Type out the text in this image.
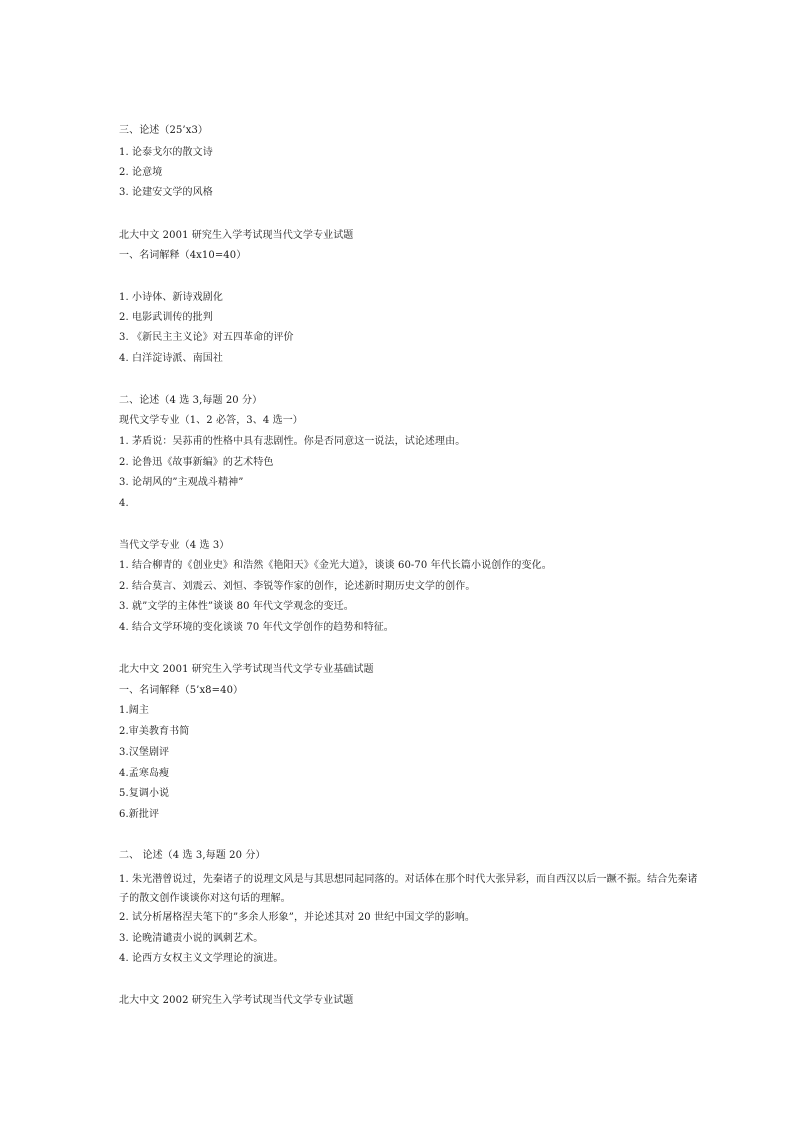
三、论述（25’x3）
1. 论泰戈尔的散文诗
2. 论意境
3. 论建安文学的风格
北大中文 2001 研究生入学考试现当代文学专业试题
一、名词解释（4x10=40）
1. 小诗体、新诗戏剧化
2. 电影武训传的批判
3. 《新民主主义论》对五四革命的评价
4. 白洋淀诗派、南国社
二、论述（4 选 3,每题 20 分）
现代文学专业（1、2 必答，3、4 选一）
1. 茅盾说：吴荪甫的性格中具有悲剧性。你是否同意这一说法，试论述理由。
2. 论鲁迅《故事新编》的艺术特色
3. 论胡风的”主观战斗精神”
4.
当代文学专业（4 选 3）
1. 结合柳青的《创业史》和浩然《艳阳天》《金光大道》，谈谈 60-70 年代长篇小说创作的变化。
2. 结合莫言、刘震云、刘恒、李锐等作家的创作，论述新时期历史文学的创作。
3. 就”文学的主体性”谈谈 80 年代文学观念的变迁。
4. 结合文学环境的变化谈谈 70 年代文学创作的趋势和特征。
北大中文 2001 研究生入学考试现当代文学专业基础试题
一、名词解释（5’x8=40）
1.阔主
2.审美教育书简
3.汉堡剧评
4.孟寒岛瘦
5.复调小说
6.新批评
二、 论述（4 选 3,每题 20 分）
1. 朱光潜曾说过，先秦诸子的说理文风是与其思想同起同落的。对话体在那个时代大张异彩，而自西汉以后一蹶不振。结合先秦诸子的散文创作谈谈你对这句话的理解。
2. 试分析屠格涅夫笔下的”多余人形象”，并论述其对 20 世纪中国文学的影响。
3. 论晚清谴责小说的讽刺艺术。
4. 论西方女权主义文学理论的演进。
北大中文 2002 研究生入学考试现当代文学专业试题
